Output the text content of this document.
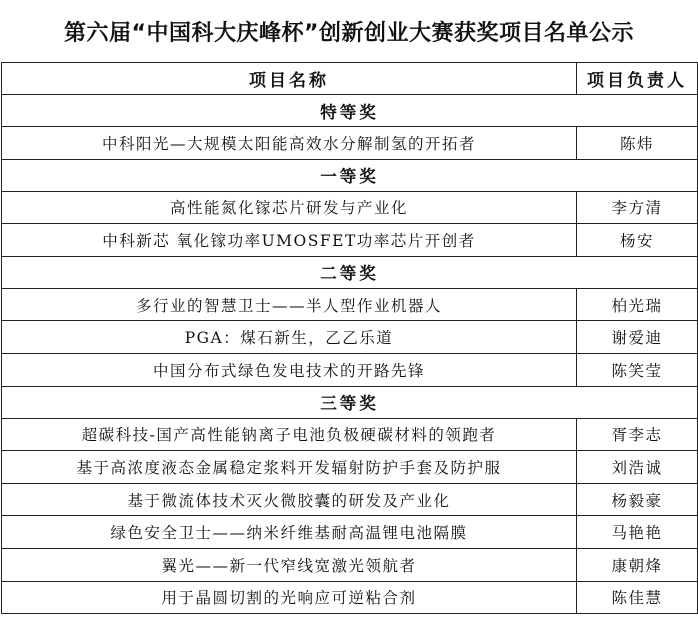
第六届“中国科大庆峰杯”创新创业大赛获奖项目名单公示
项目名称	项目负责人
特等奖	
中科阳光—大规模太阳能高效水分解制氢的开拓者	陈炜
一等奖	
高性能氮化镓芯片研发与产业化	李方清
中科新芯 氧化镓功率UMOSFET功率芯片开创者	杨安
二等奖	
多行业的智慧卫士——半人型作业机器人	柏光瑞
PGA：煤石新生，乙乙乐道	谢爱迪
中国分布式绿色发电技术的开路先锋	陈笑莹
三等奖	
超碳科技-国产高性能钠离子电池负极硬碳材料的领跑者	胥李志
基于高浓度液态金属稳定浆料开发辐射防护手套及防护服	刘浩诚
基于微流体技术灭火微胶囊的研发及产业化	杨毅豪
绿色安全卫士——纳米纤维基耐高温锂电池隔膜	马艳艳
翼光——新一代窄线宽激光领航者	康朝烽
用于晶圆切割的光响应可逆粘合剂	陈佳慧
